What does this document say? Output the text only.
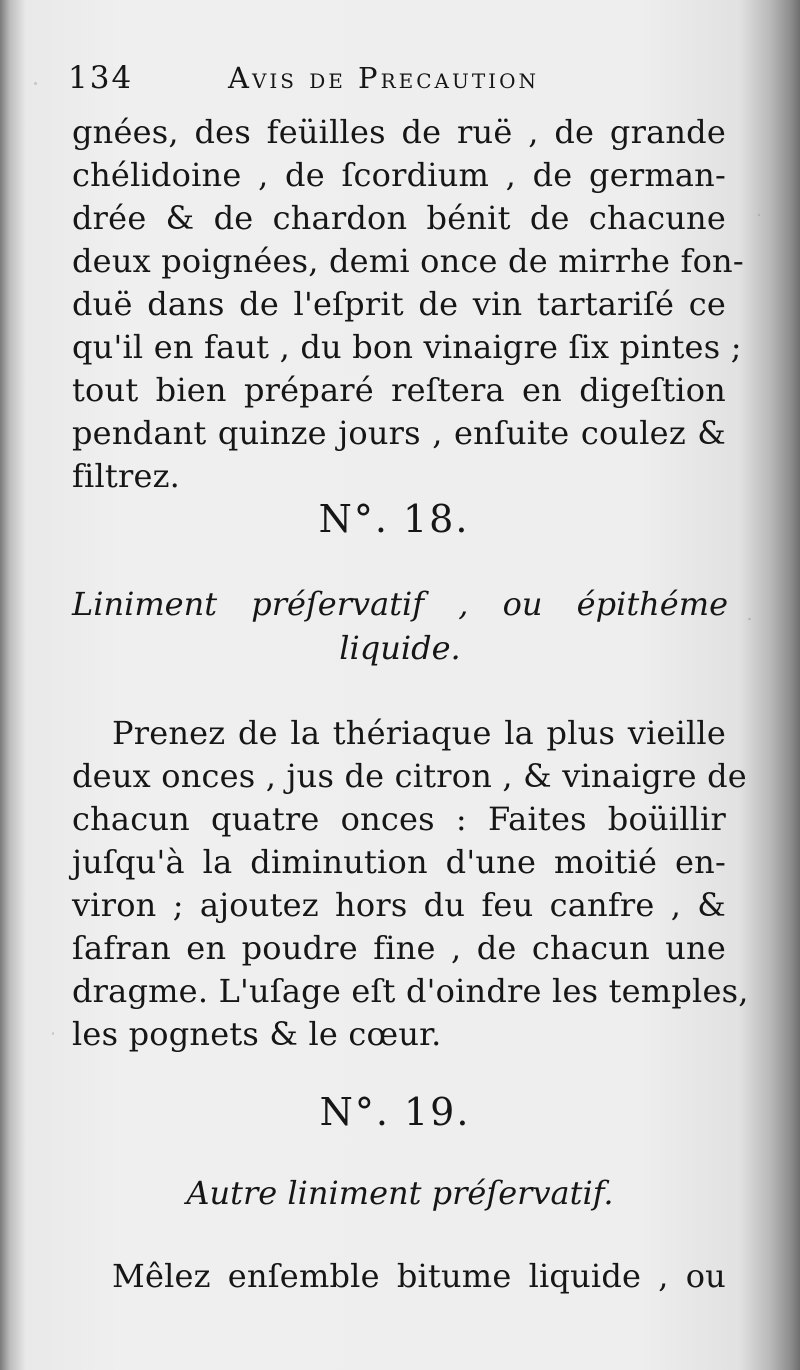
134	Avis de Precaution
gnées, des feüilles de ruë , de grande
chélidoine , de ſcordium , de german-
drée & de chardon bénit de chacune
deux poignées, demi once de mirrhe fon-
duë dans de l'eſprit de vin tartariſé ce
qu'il en faut , du bon vinaigre ſix pintes ;
tout bien préparé reſtera en digeſtion
pendant quinze jours , enſuite coulez &
filtrez.
N°. 18.
Liniment préſervatif , ou épithéme
liquide.
Prenez de la thériaque la plus vieille
deux onces , jus de citron , & vinaigre de
chacun quatre onces : Faites boüillir
juſqu'à la diminution d'une moitié en-
viron ; ajoutez hors du feu canfre , &
ſafran en poudre fine , de chacun une
dragme. L'uſage eſt d'oindre les temples,
les pognets & le cœur.
N°. 19.
Autre liniment préſervatif.
Mêlez enſemble bitume liquide , ou
